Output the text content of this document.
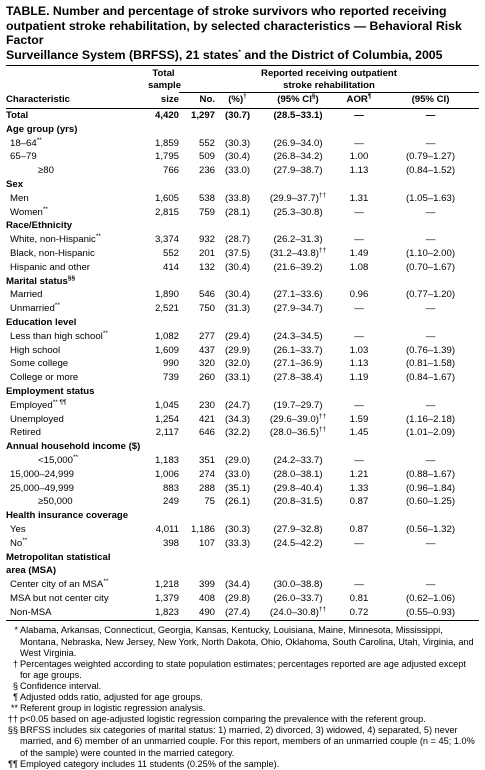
TABLE. Number and percentage of stroke survivors who reported receiving
outpatient stroke rehabilitation, by selected characteristics — Behavioral Risk Factor
Surveillance System (BRFSS), 21 states* and the District of Columbia, 2005
	Total	Reported receiving outpatient				
	sample	stroke rehabilitation				
Characteristic	size	No.	(%)†	(95% CI§)	AOR¶	(95% CI)

Total	4,420	1,297	(30.7)	(28.5–33.1)	—	—
Age group (yrs)						
18–64**	1,859	552	(30.3)	(26.9–34.0)	—	—
65–79	1,795	509	(30.4)	(26.8–34.2)	1.00	(0.79–1.27)
≥80	766	236	(33.0)	(27.9–38.7)	1.13	(0.84–1.52)
Sex						
Men	1,605	538	(33.8)	(29.9–37.7)††	1.31	(1.05–1.63)
Women**	2,815	759	(28.1)	(25.3–30.8)	—	—
Race/Ethnicity						
White, non-Hispanic**	3,374	932	(28.7)	(26.2–31.3)	—	—
Black, non-Hispanic	552	201	(37.5)	(31.2–43.8)††	1.49	(1.10–2.00)
Hispanic and other	414	132	(30.4)	(21.6–39.2)	1.08	(0.70–1.67)
Marital status§§
Married	1,890	546	(30.4)	(27.1–33.6)	0.96	(0.77–1.20)
Unmarried**	2,521	750	(31.3)	(27.9–34.7)	—	—
Education level						
Less than high school**	1,082	277	(29.4)	(24.3–34.5)	—	—
High school	1,609	437	(29.9)	(26.1–33.7)	1.03	(0.76–1.39)
Some college	990	320	(32.0)	(27.1–36.9)	1.13	(0.81–1.58)
College or more	739	260	(33.1)	(27.8–38.4)	1.19	(0.84–1.67)
Employment status						
Employed** ¶¶	1,045	230	(24.7)	(19.7–29.7)	—	—
Unemployed	1,254	421	(34.3)	(29.6–39.0)††	1.59	(1.16–2.18)
Retired	2,117	646	(32.2)	(28.0–36.5)††	1.45	(1.01–2.09)
Annual household income ($)						
<15,000**	1,183	351	(29.0)	(24.2–33.7)	—	—
15,000–24,999	1,006	274	(33.0)	(28.0–38.1)	1.21	(0.88–1.67)
25,000–49,999	883	288	(35.1)	(29.8–40.4)	1.33	(0.96–1.84)
≥50,000	249	75	(26.1)	(20.8–31.5)	0.87	(0.60–1.25)
Health insurance coverage						
Yes	4,011	1,186	(30.3)	(27.9–32.8)	0.87	(0.56–1.32)
No**	398	107	(33.3)	(24.5–42.2)	—	—
Metropolitan statistical						
area (MSA)						
Center city of an MSA**	1,218	399	(34.4)	(30.0–38.8)	—	—
MSA but not center city	1,379	408	(29.8)	(26.0–33.7)	0.81	(0.62–1.06)
Non-MSA	1,823	490	(27.4)	(24.0–30.8)††	0.72	(0.55–0.93)
* Alabama, Arkansas, Connecticut, Georgia, Kansas, Kentucky, Louisiana, Maine, Minnesota, Mississippi, Montana, Nebraska, New Jersey, New York, North Dakota, Ohio, Oklahoma, South Carolina, Utah, Virginia, and West Virginia.
† Percentages weighted according to state population estimates; percentages reported are age adjusted except for age groups.
§ Confidence interval.
¶ Adjusted odds ratio, adjusted for age groups.
** Referent group in logistic regression analysis.
†† p<0.05 based on age-adjusted logistic regression comparing the prevalence with the referent group.
§§ BRFSS includes six categories of marital status: 1) married, 2) divorced, 3) widowed, 4) separated, 5) never married, and 6) member of an unmarried couple. For this report, members of an unmarried couple (n = 45; 1.0% of the sample) were counted in the married category.
¶¶ Employed category includes 11 students (0.25% of the sample).
